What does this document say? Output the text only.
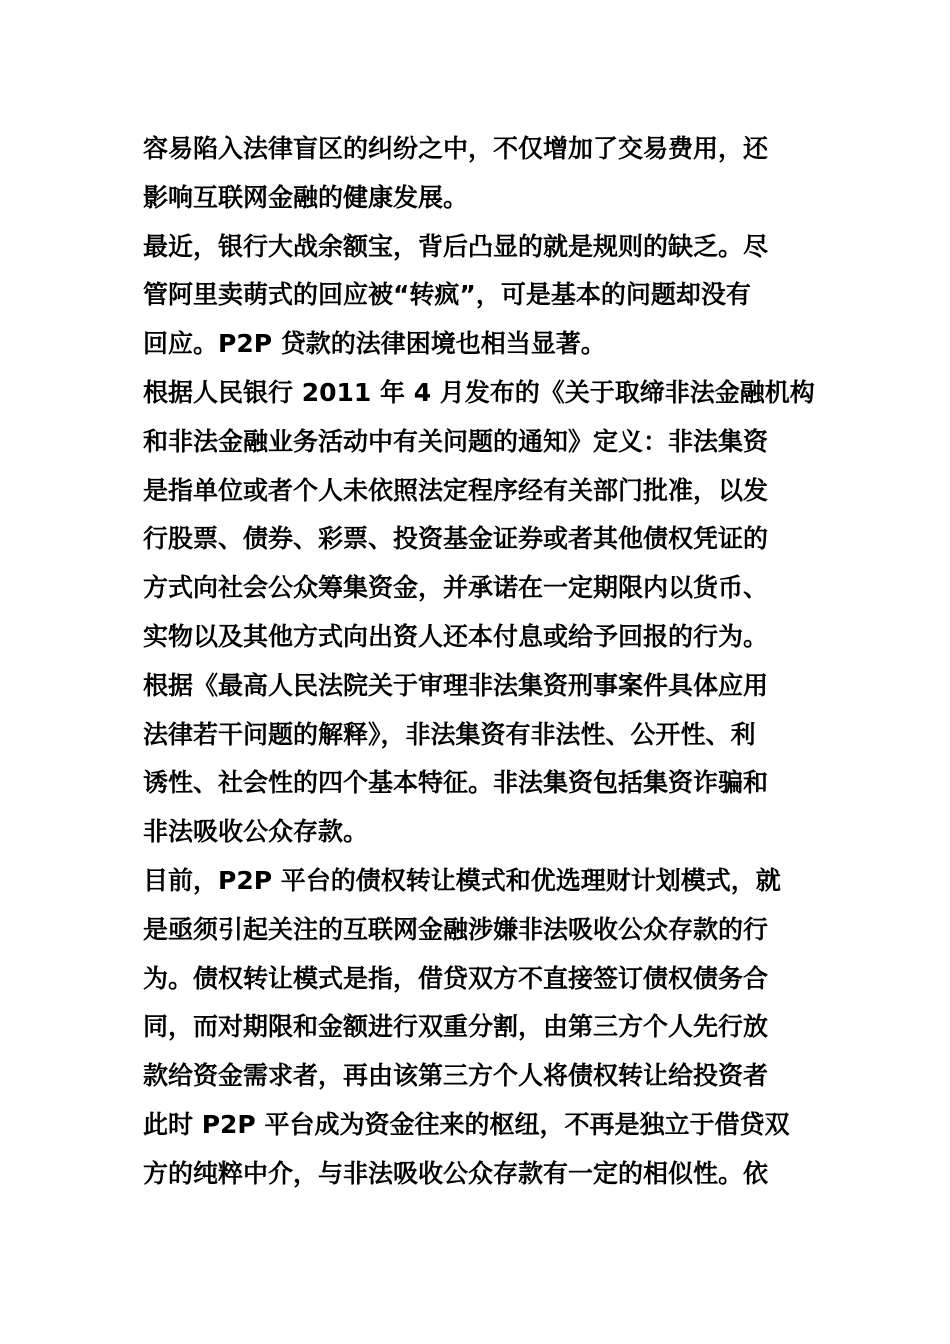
容易陷入法律盲区的纠纷之中，不仅增加了交易费用，还
影响互联网金融的健康发展。
最近，银行大战余额宝，背后凸显的就是规则的缺乏。尽
管阿里卖萌式的回应被“转疯”，可是基本的问题却没有
回应。P2P 贷款的法律困境也相当显著。
根据人民银行 2011 年 4 月发布的《关于取缔非法金融机构
和非法金融业务活动中有关问题的通知》定义：非法集资
是指单位或者个人未依照法定程序经有关部门批准，以发
行股票、债券、彩票、投资基金证券或者其他债权凭证的
方式向社会公众筹集资金，并承诺在一定期限内以货币、
实物以及其他方式向出资人还本付息或给予回报的行为。
根据《最高人民法院关于审理非法集资刑事案件具体应用
法律若干问题的解释》，非法集资有非法性、公开性、利
诱性、社会性的四个基本特征。非法集资包括集资诈骗和
非法吸收公众存款。
目前，P2P 平台的债权转让模式和优选理财计划模式，就
是亟须引起关注的互联网金融涉嫌非法吸收公众存款的行
为。债权转让模式是指，借贷双方不直接签订债权债务合
同，而对期限和金额进行双重分割，由第三方个人先行放
款给资金需求者，再由该第三方个人将债权转让给投资者
此时 P2P 平台成为资金往来的枢纽，不再是独立于借贷双
方的纯粹中介，与非法吸收公众存款有一定的相似性。依
